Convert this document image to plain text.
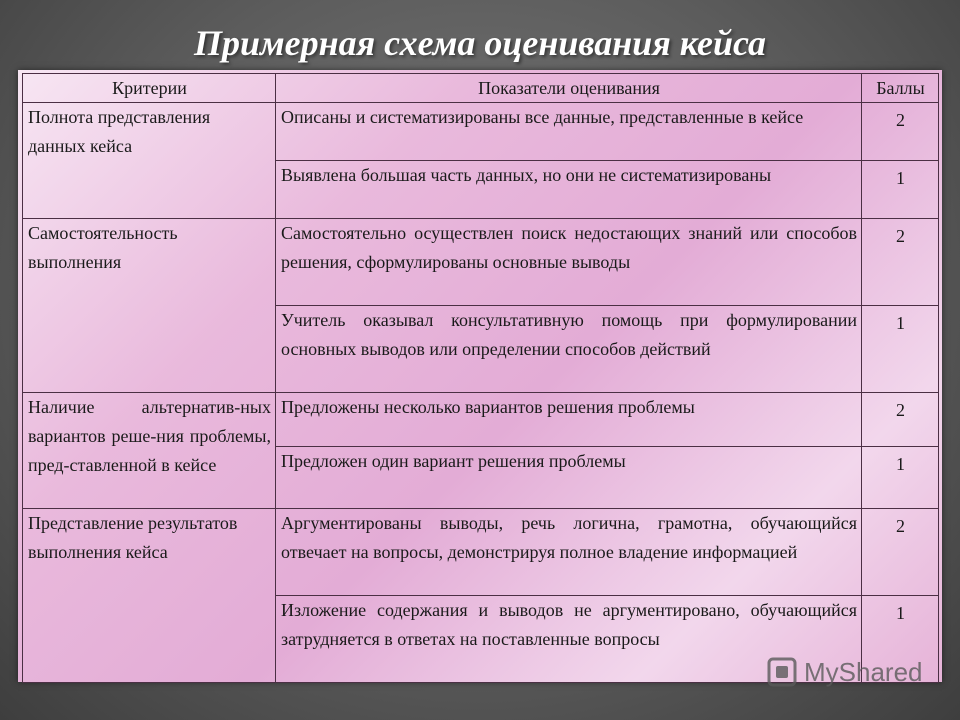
Примерная схема оценивания кейса
Критерии	Показатели оценивания	Баллы
Полнота представления данных кейса	Описаны и систематизированы все данные, представленные в кейсе	2
	Выявлена большая часть данных, но они не систематизированы	1
Самостоятельность выполнения	Самостоятельно осуществлен поиск недостающих знаний или способов решения, сформулированы основные выводы	2
	Учитель оказывал консультативную помощь при формулировании основных выводов или определении способов действий	1
Наличие альтернатив-ных вариантов реше-ния проблемы, пред-ставленной в кейсе	Предложены несколько вариантов решения проблемы	2
	Предложен один вариант решения проблемы	1
Представление результатов выполнения кейса	Аргументированы выводы, речь логична, грамотна, обучающийся отвечает на вопросы, демонстрируя полное владение информацией	2
	Изложение содержания и выводов не аргументировано, обучающийся затрудняется в ответах на поставленные вопросы	1
MyShared
